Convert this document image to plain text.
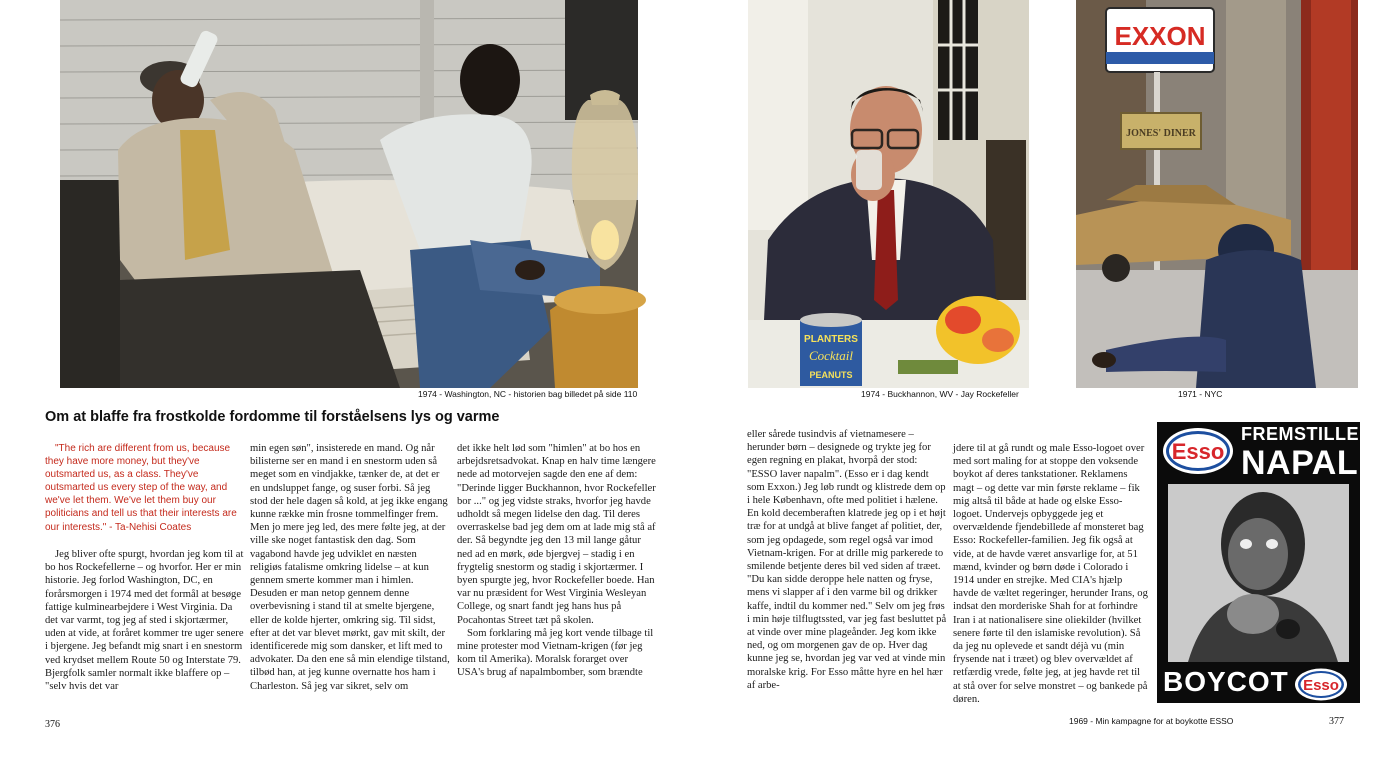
1974 - Washington, NC - historien bag billedet på side 110
Om at blaffe fra frostkolde fordomme til forståelsens lys og varme
"The rich are different from us, because they have more money, but they've outsmarted us, as a class. They've outsmarted us every step of the way, and we've let them. We've let them buy our politicians and tell us that their interests are our interests." - Ta-Nehisi Coates

Jeg bliver ofte spurgt, hvordan jeg kom til at bo hos Rockefellerne – og hvorfor. Her er min historie. Jeg forlod Washington, DC, en forårsmorgen i 1974 med det formål at besøge fattige kulminearbejdere i West Virginia. Da det var varmt, tog jeg af sted i skjortærmer, uden at vide, at foråret kommer tre uger senere i bjergene. Jeg befandt mig snart i en snestorm ved krydset mellem Route 50 og Interstate 79. Bjergfolk samler normalt ikke blaffere op – "selv hvis det var

min egen søn", insisterede en mand. Og når bilisterne ser en mand i en snestorm uden så meget som en vindjakke, tænker de, at det er en undsluppet fange, og suser forbi. Så jeg stod der hele dagen så kold, at jeg ikke engang kunne række min frosne tommelfinger frem. Men jo mere jeg led, des mere følte jeg, at der ville ske noget fantastisk den dag. Som vagabond havde jeg udviklet en næsten religiøs fatalisme omkring lidelse – at kun gennem smerte kommer man i himlen. Desuden er man netop gennem denne overbevisning i stand til at smelte bjergene, eller de kolde hjerter, omkring sig. Til sidst, efter at det var blevet mørkt, gav mit skilt, der identificerede mig som dansker, et lift med to advokater. Da den ene så min elendige tilstand, tilbød han, at jeg kunne overnatte hos ham i Charleston. Så jeg var sikret, selv om

det ikke helt lød som "himlen" at bo hos en arbejdsretsadvokat. Knap en halv time længere nede ad motorvejen sagde den ene af dem: "Derinde ligger Buckhannon, hvor Rockefeller bor ..." og jeg vidste straks, hvorfor jeg havde udholdt så megen lidelse den dag. Til deres overraskelse bad jeg dem om at lade mig stå af der. Så begyndte jeg den 13 mil lange gåtur ned ad en mørk, øde bjergvej – stadig i en frygtelig snestorm og stadig i skjortærmer. I byen spurgte jeg, hvor Rockefeller boede. Han var nu præsident for West Virginia Wesleyan College, og snart fandt jeg hans hus på Pocahontas Street tæt på skolen.

Som forklaring må jeg kort vende tilbage til mine protester mod Vietnam-krigen (før jeg kom til Amerika). Moralsk forarget over USA's brug af napalmbomber, som brændte

376
PLANTERS
Cocktail
PEANUTS
1974 - Buckhannon, WV - Jay Rockefeller
EXXON
JONES' DINER
1971 - NYC

eller sårede tusindvis af vietnamesere – herunder børn – designede og trykte jeg for egen regning en plakat, hvorpå der stod: "ESSO laver napalm". (Esso er i dag kendt som Exxon.) Jeg løb rundt og klistrede dem op i hele København, ofte med politiet i hælene. En kold decemberaften klatrede jeg op i et højt træ for at undgå at blive fanget af politiet, der, som jeg opdagede, som regel også var imod Vietnam-krigen. For at drille mig parkerede to smilende betjente deres bil ved siden af træet. "Du kan sidde deroppe hele natten og fryse, mens vi slapper af i den varme bil og drikker kaffe, indtil du kommer ned." Selv om jeg frøs i min høje tilflugtssted, var jeg fast besluttet på at vinde over mine plageånder. Jeg kom ikke ned, og om morgenen gav de op. Hver dag kunne jeg se, hvordan jeg var ved at vinde min moralske krig. For Esso måtte hyre en hel hær af arbe-

jdere til at gå rundt og male Esso-logoet over med sort maling for at stoppe den voksende boykot af deres tankstationer. Reklamens magt – og dette var min første reklame – fik mig altså til både at hade og elske Esso-logoet. Undervejs opbyggede jeg et overvældende fjendebillede af monsteret bag Esso: Rockefeller-familien. Jeg fik også at vide, at de havde været ansvarlige for, at 51 mænd, kvinder og børn døde i Colorado i 1914 under en strejke. Med CIA's hjælp havde de væltet regeringer, herunder Irans, og indsat den morderiske Shah for at forhindre Iran i at nationalisere sine oliekilder (hvilket senere førte til den islamiske revolution). Så da jeg nu oplevede et sandt déjà vu (min frysende nat i træet) og blev overvældet af retfærdig vrede, følte jeg, at jeg havde ret til at stå over for selve monstret – og bankede på døren.

Esso
FREMSTILLER
NAPALM
BOYCOT Esso
1969 - Min kampagne for at boykotte ESSO	377
